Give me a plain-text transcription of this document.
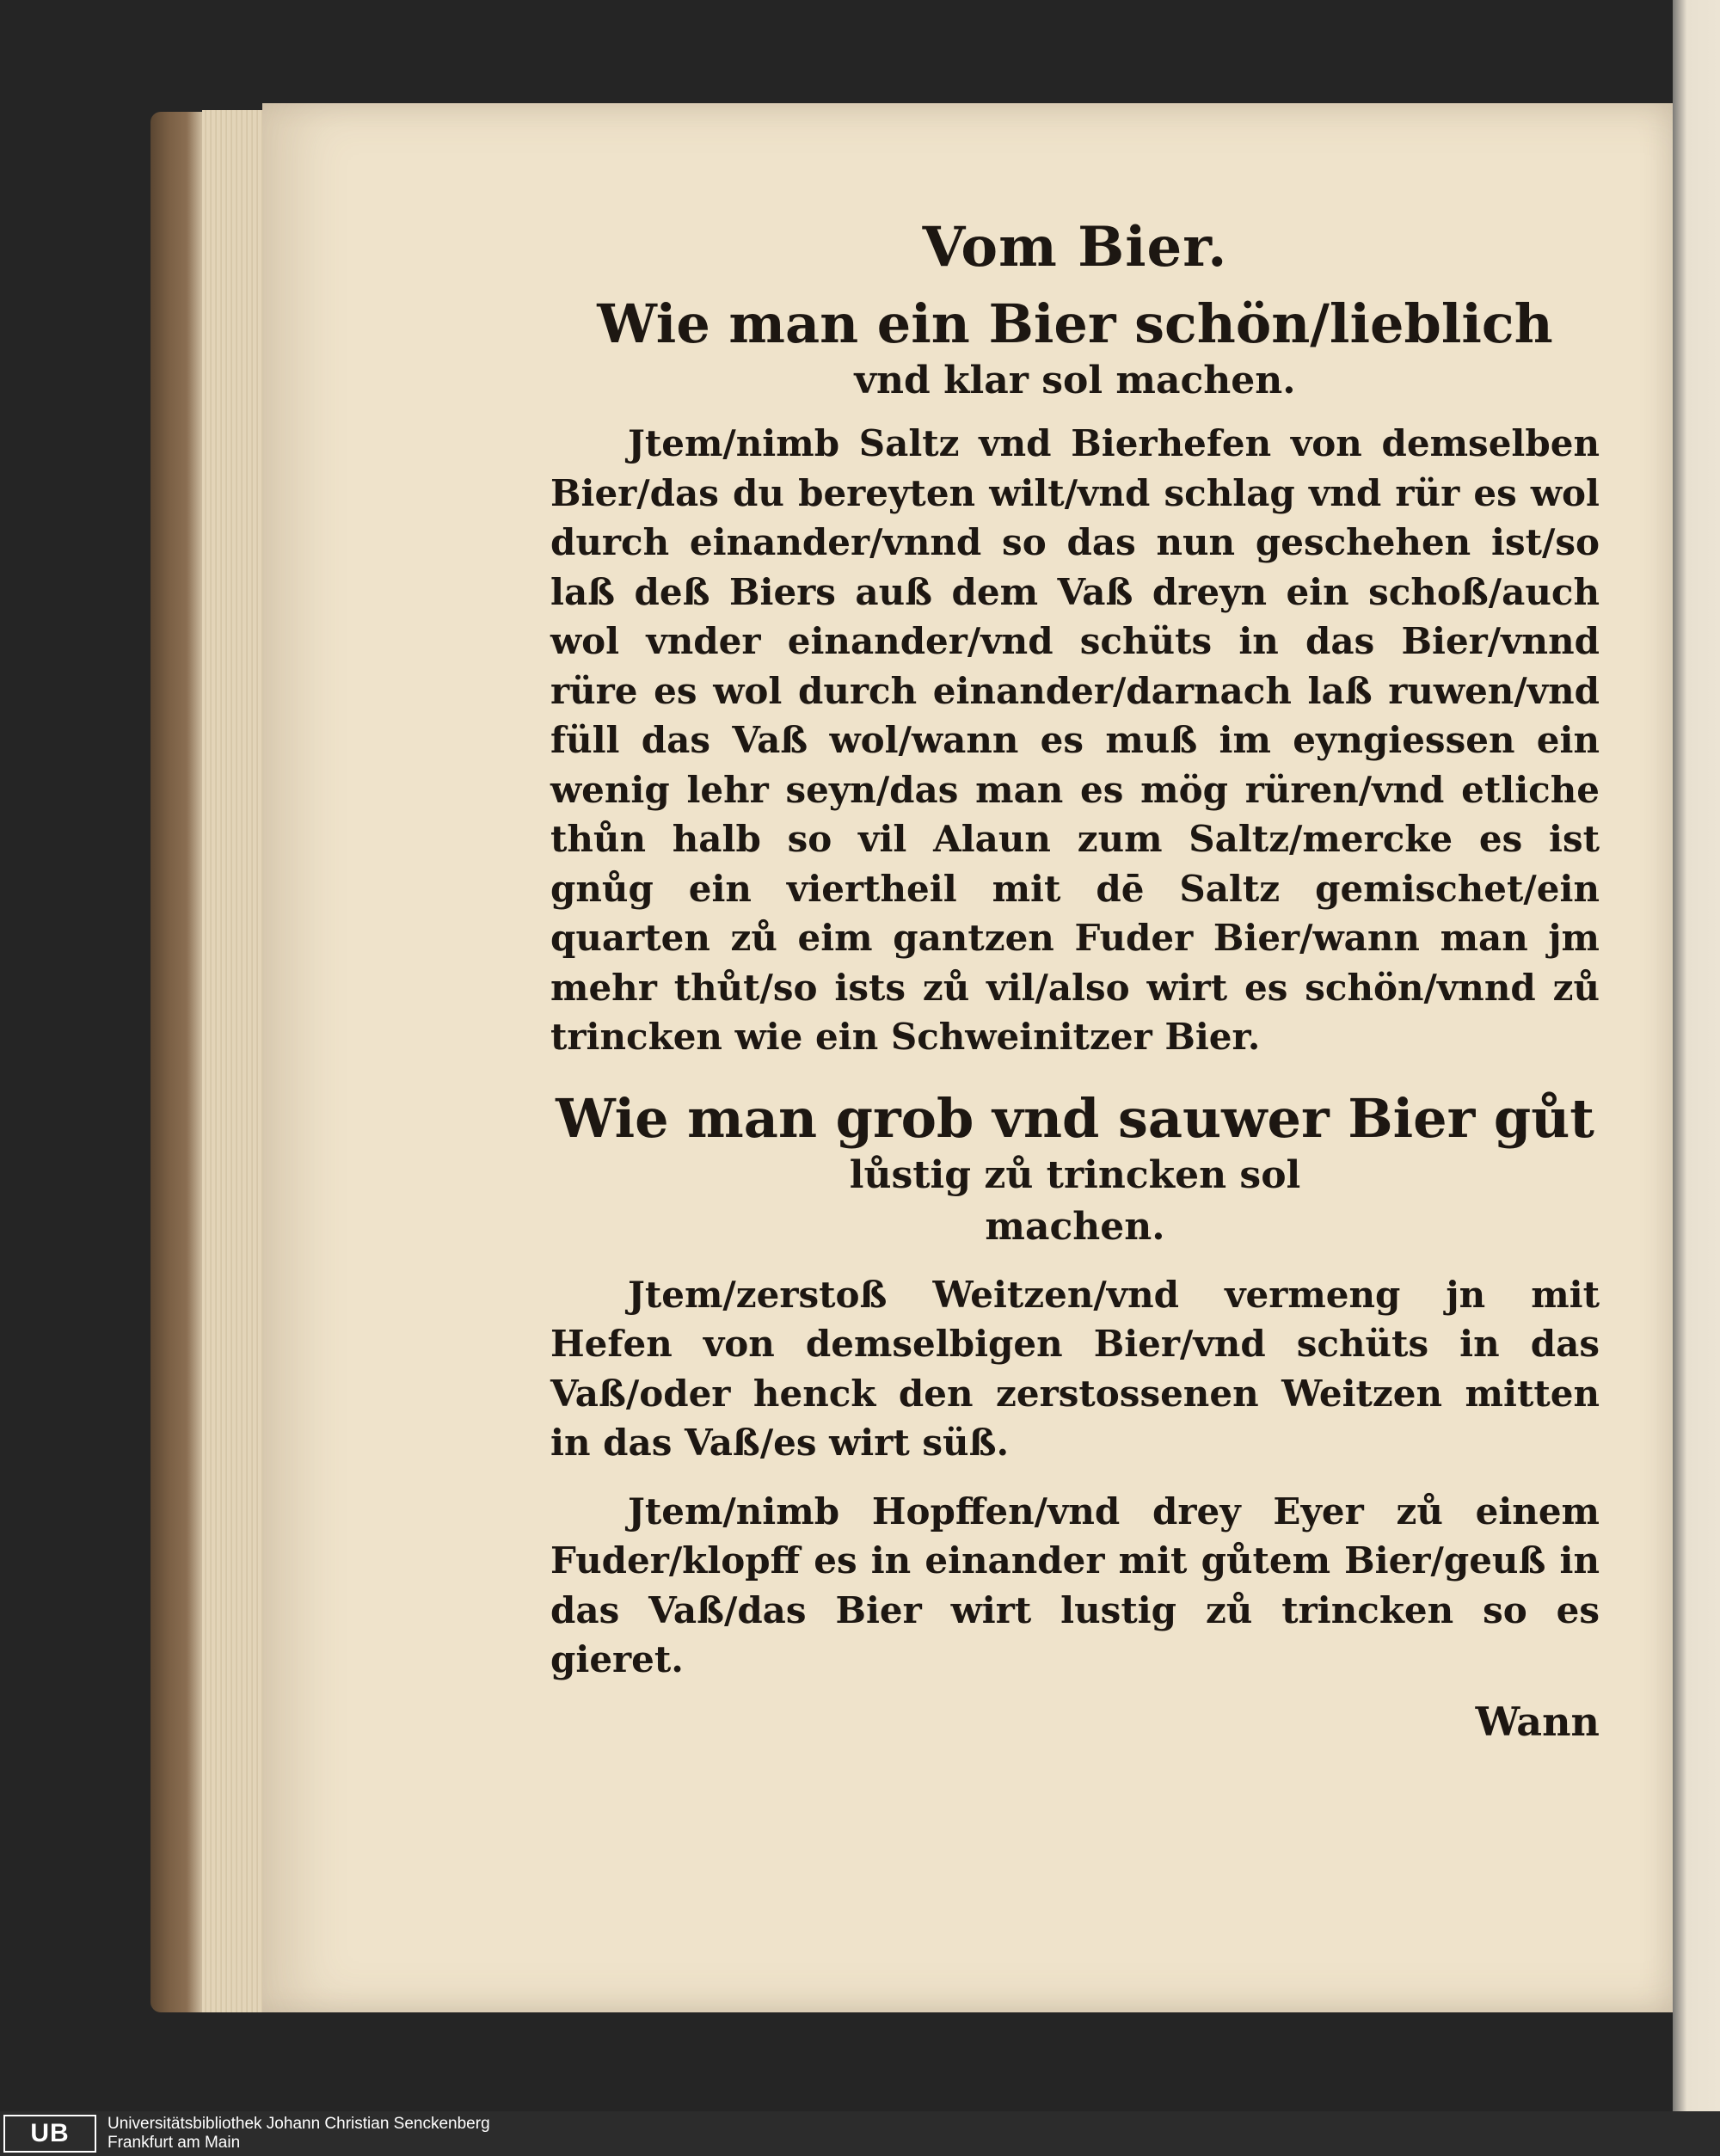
Vom Bier.

Wie man ein Bier schön/lieblich

vnd klar sol machen.

Jtem/nimb Saltz vnd Bierhefen von demselben Bier/das du bereyten wilt/vnd schlag vnd rür es wol durch einander/vnnd so das nun geschehen ist/so laß deß Biers auß dem Vaß dreyn ein schoß/auch wol vnder einander/vnd schüts in das Bier/vnnd rüre es wol durch einander/darnach laß ruwen/vnd füll das Vaß wol/wann es muß im eyngiessen ein wenig lehr seyn/das man es mög rüren/vnd etliche thůn halb so vil Alaun zum Saltz/mercke es ist gnůg ein viertheil mit dē Saltz gemischet/ein quarten zů eim gantzen Fuder Bier/wann man jm mehr thůt/so ists zů vil/also wirt es schön/vnnd zů trincken wie ein Schweinitzer Bier.

Wie man grob vnd sauwer Bier gůt

lůstig zů trincken sol

machen.

Jtem/zerstoß Weitzen/vnd vermeng jn mit Hefen von demselbigen Bier/vnd schüts in das Vaß/oder henck den zerstossenen Weitzen mitten in das Vaß/es wirt süß.

Jtem/nimb Hopffen/vnd drey Eyer zů einem Fuder/klopff es in einander mit gůtem Bier/geuß in das Vaß/das Bier wirt lustig zů trincken so es gieret.

Wann

UB	Universitätsbibliothek Johann Christian Senckenberg
Frankfurt am Main
